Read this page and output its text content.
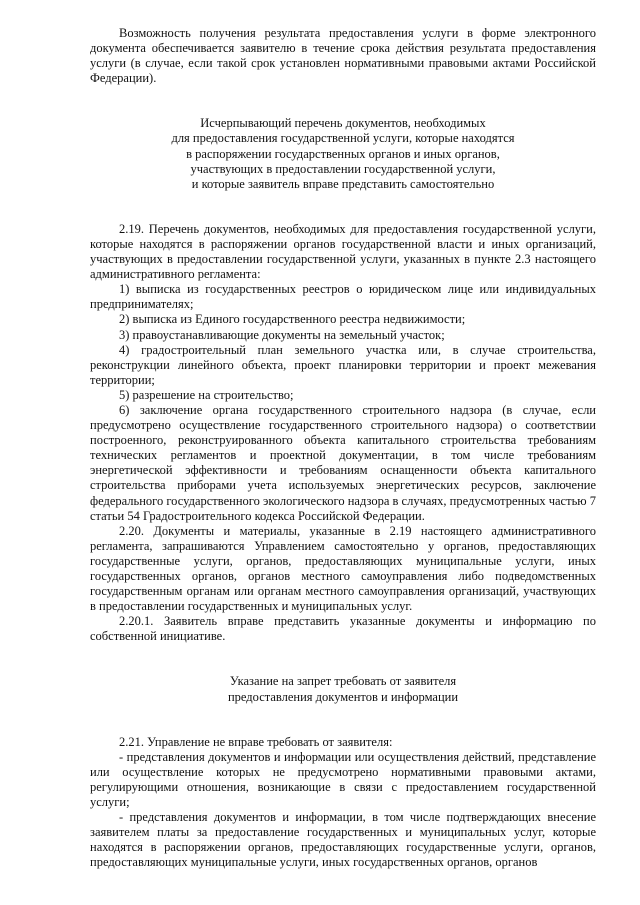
Возможность получения результата предоставления услуги в форме электронного документа обеспечивается заявителю в течение срока действия результата предоставления услуги (в случае, если такой срок установлен нормативными правовыми актами Российской Федерации).

Исчерпывающий перечень документов, необходимых
для предоставления государственной услуги, которые находятся
в распоряжении государственных органов и иных органов,
участвующих в предоставлении государственной услуги,
и которые заявитель вправе представить самостоятельно

2.19. Перечень документов, необходимых для предоставления государственной услуги, которые находятся в распоряжении органов государственной власти и иных организаций, участвующих в предоставлении государственной услуги, указанных в пункте 2.3 настоящего административного регламента:

1) выписка из государственных реестров о юридическом лице или индивидуальных предпринимателях;

2) выписка из Единого государственного реестра недвижимости;

3) правоустанавливающие документы на земельный участок;

4) градостроительный план земельного участка или, в случае строительства, реконструкции линейного объекта, проект планировки территории и проект межевания территории;

5) разрешение на строительство;

6) заключение органа государственного строительного надзора (в случае, если предусмотрено осуществление государственного строительного надзора) о соответствии построенного, реконструированного объекта капитального строительства требованиям технических регламентов и проектной документации, в том числе требованиям энергетической эффективности и требованиям оснащенности объекта капитального строительства приборами учета используемых энергетических ресурсов, заключение федерального государственного экологического надзора в случаях, предусмотренных частью 7 статьи 54 Градостроительного кодекса Российской Федерации.

2.20. Документы и материалы, указанные в 2.19 настоящего административного регламента, запрашиваются Управлением самостоятельно у органов, предоставляющих государственные услуги, органов, предоставляющих муниципальные услуги, иных государственных органов, органов местного самоуправления либо подведомственных государственным органам или органам местного самоуправления организаций, участвующих в предоставлении государственных и муниципальных услуг.

2.20.1. Заявитель вправе представить указанные документы и информацию по собственной инициативе.

Указание на запрет требовать от заявителя
предоставления документов и информации

2.21. Управление не вправе требовать от заявителя:

- представления документов и информации или осуществления действий, представление или осуществление которых не предусмотрено нормативными правовыми актами, регулирующими отношения, возникающие в связи с предоставлением государственной услуги;

- представления документов и информации, в том числе подтверждающих внесение заявителем платы за предоставление государственных и муниципальных услуг, которые находятся в распоряжении органов, предоставляющих государственные услуги, органов, предоставляющих муниципальные услуги, иных государственных органов, органов
